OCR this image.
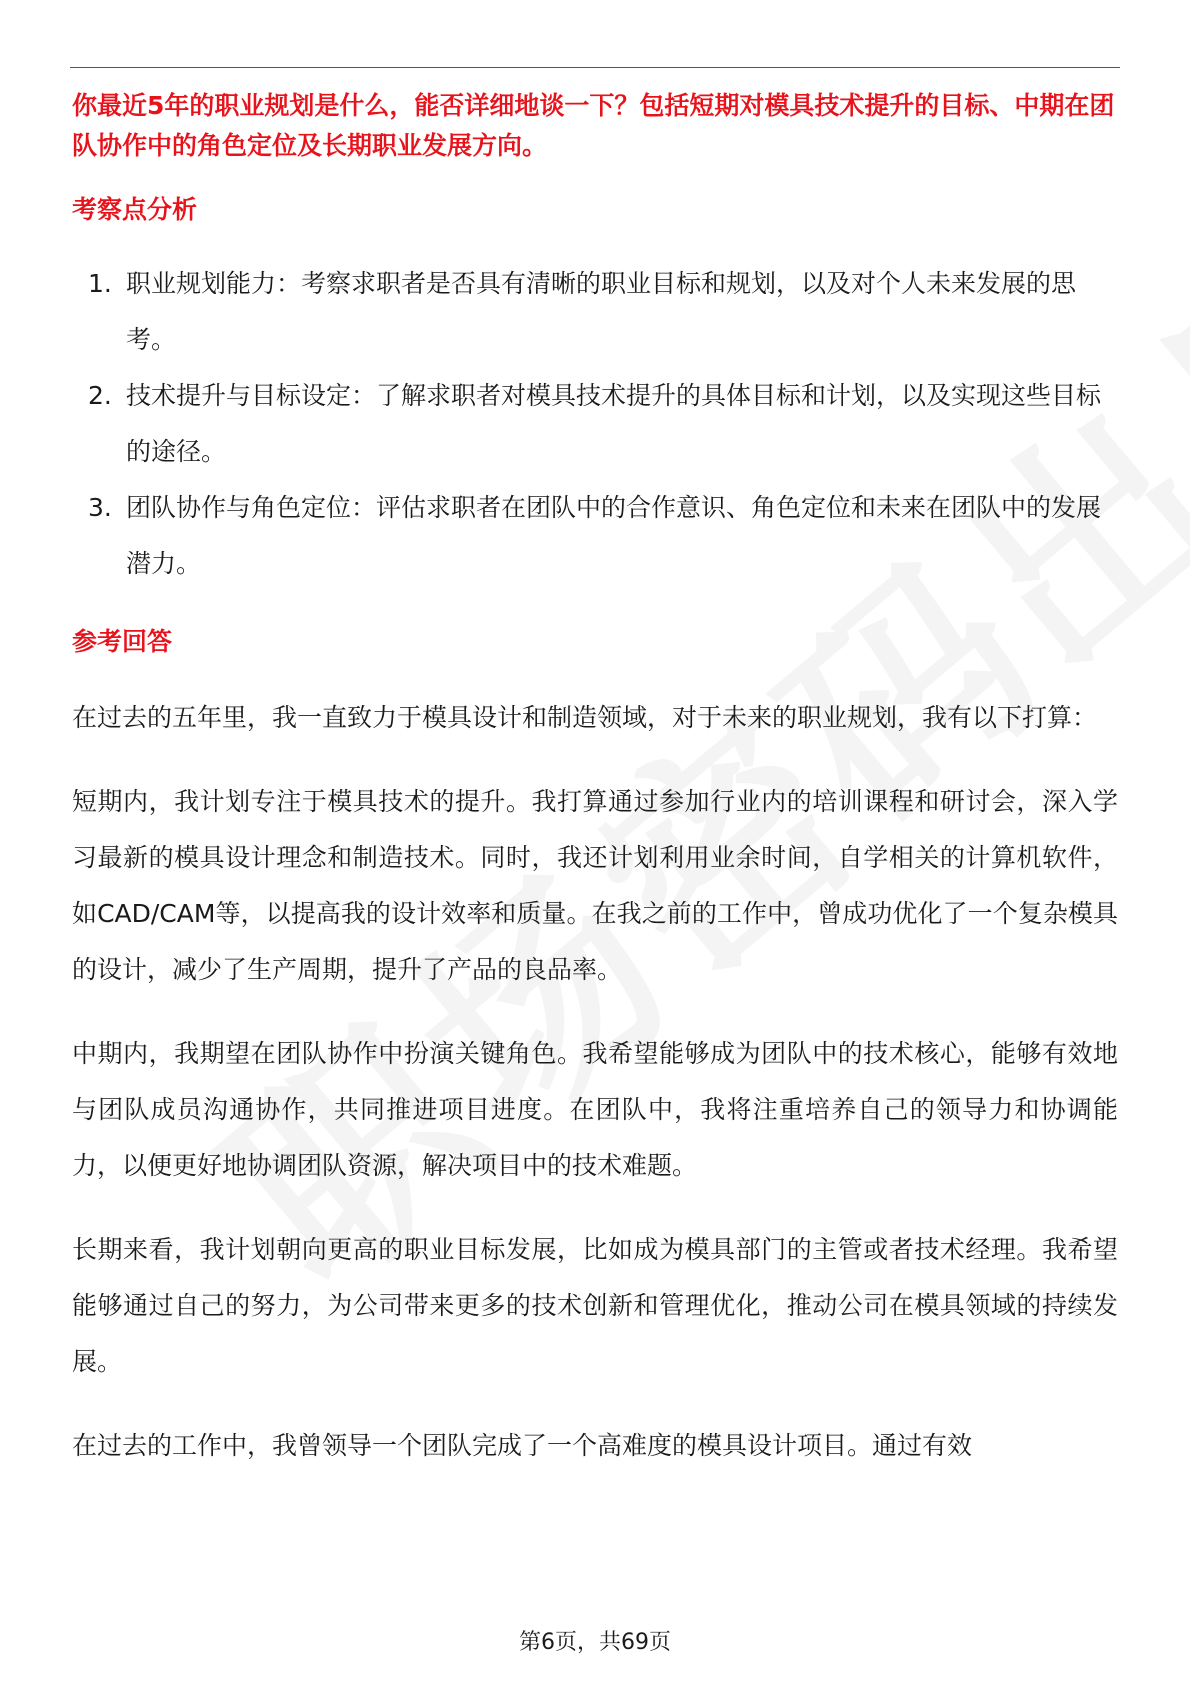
你最近5年的职业规划是什么，能否详细地谈一下？包括短期对模具技术提升的目标、中期在团队协作中的角色定位及长期职业发展方向。

考察点分析

1. 职业规划能力：考察求职者是否具有清晰的职业目标和规划，以及对个人未来发展的思考。
2. 技术提升与目标设定：了解求职者对模具技术提升的具体目标和计划，以及实现这些目标的途径。
3. 团队协作与角色定位：评估求职者在团队中的合作意识、角色定位和未来在团队中的发展潜力。

参考回答

在过去的五年里，我一直致力于模具设计和制造领域，对于未来的职业规划，我有以下打算：

短期内，我计划专注于模具技术的提升。我打算通过参加行业内的培训课程和研讨会，深入学习最新的模具设计理念和制造技术。同时，我还计划利用业余时间，自学相关的计算机软件，如CAD/CAM等，以提高我的设计效率和质量。在我之前的工作中，曾成功优化了一个复杂模具的设计，减少了生产周期，提升了产品的良品率。

中期内，我期望在团队协作中扮演关键角色。我希望能够成为团队中的技术核心，能够有效地与团队成员沟通协作，共同推进项目进度。在团队中，我将注重培养自己的领导力和协调能力，以便更好地协调团队资源，解决项目中的技术难题。

长期来看，我计划朝向更高的职业目标发展，比如成为模具部门的主管或者技术经理。我希望能够通过自己的努力，为公司带来更多的技术创新和管理优化，推动公司在模具领域的持续发展。

在过去的工作中，我曾领导一个团队完成了一个高难度的模具设计项目。通过有效

第6页，共69页
